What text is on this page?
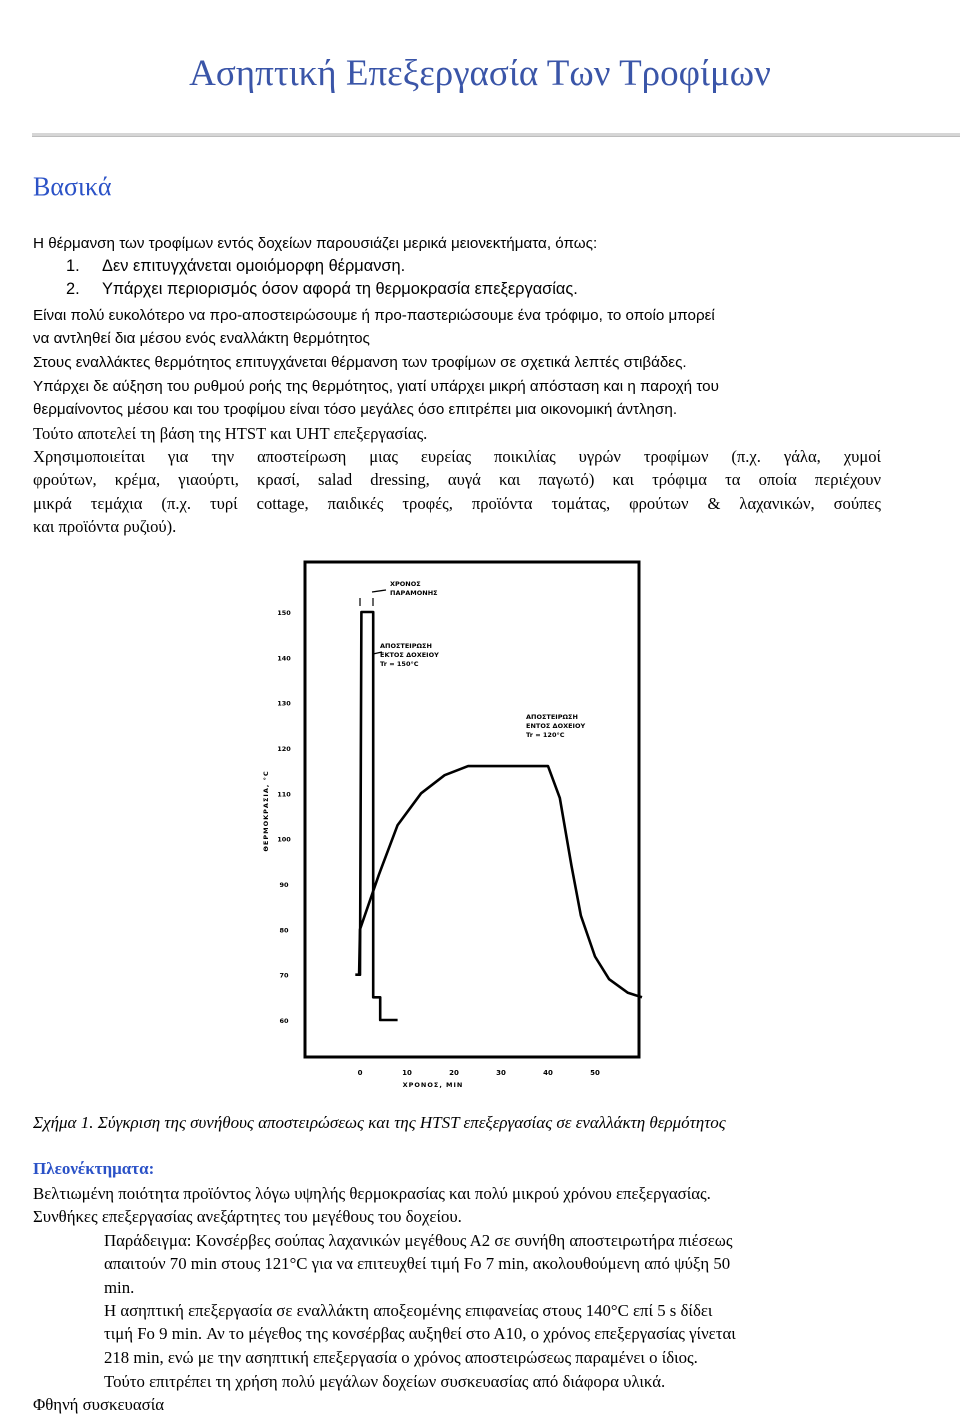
Ασηπτική Επεξεργασία Των Τροφίμων
Βασικά
Η θέρμανση των τροφίμων εντός δοχείων παρουσιάζει μερικά μειονεκτήματα, όπως:
1. Δεν επιτυγχάνεται ομοιόμορφη θέρμανση.
2. Υπάρχει περιορισμός όσον αφορά τη θερμοκρασία επεξεργασίας.
Είναι πολύ ευκολότερο να προ-αποστειρώσουμε ή προ-παστεριώσουμε ένα τρόφιμο, το οποίο μπορεί
να αντληθεί δια μέσου ενός εναλλάκτη θερμότητος
Στους εναλλάκτες θερμότητος επιτυγχάνεται θέρμανση των τροφίμων σε σχετικά λεπτές στιβάδες.
Υπάρχει δε αύξηση του ρυθμού ροής της θερμότητος, γιατί υπάρχει μικρή απόσταση και η παροχή του
θερμαίνοντος μέσου και του τροφίμου είναι τόσο μεγάλες όσο επιτρέπει μια οικονομική άντληση.
Τούτο αποτελεί τη βάση της HTST και UHT επεξεργασίας.
Χρησιμοποιείται για την αποστείρωση μιας ευρείας ποικιλίας υγρών τροφίμων (π.χ. γάλα, χυμοί
φρούτων, κρέμα, γιαούρτι, κρασί, salad dressing, αυγά και παγωτό) και τρόφιμα τα οποία περιέχουν
μικρά τεμάχια (π.χ. τυρί cottage, παιδικές τροφές, προϊόντα τομάτας, φρούτων & λαχανικών, σούπες
και προϊόντα ρυζιού).
150
140
130
120
110
100
90
80
70
60
0	10	20	30	40	50
ΘΕΡΜΟΚΡΑΣΙΑ, °C
ΧΡΟΝΟΣ, MIN
ΧΡΟΝΟΣ
ΠΑΡΑΜΟΝΗΣ
ΑΠΟΣΤΕΙΡΩΣΗ
ΕΚΤΟΣ ΔΟΧΕΙΟΥ
Tr = 150°C
ΑΠΟΣΤΕΙΡΩΣΗ
ΕΝΤΟΣ ΔΟΧΕΙΟΥ
Tr = 120°C
Σχήμα 1. Σύγκριση της συνήθους αποστειρώσεως και της HTST επεξεργασίας σε εναλλάκτη θερμότητος
Πλεονέκτηματα:
Βελτιωμένη ποιότητα προϊόντος λόγω υψηλής θερμοκρασίας και πολύ μικρού χρόνου επεξεργασίας.
Συνθήκες επεξεργασίας ανεξάρτητες του μεγέθους του δοχείου.
Παράδειγμα: Κονσέρβες σούπας λαχανικών μεγέθους Α2 σε συνήθη αποστειρωτήρα πιέσεως
απαιτούν 70 min στους 121°C για να επιτευχθεί τιμή Fo 7 min, ακολουθούμενη από ψύξη 50
min.
Η ασηπτική επεξεργασία σε εναλλάκτη αποξεομένης επιφανείας στους 140°C επί 5 s δίδει
τιμή Fo 9 min. Αν το μέγεθος της κονσέρβας αυξηθεί στο Α10, ο χρόνος επεξεργασίας γίνεται
218 min, ενώ με την ασηπτική επεξεργασία ο χρόνος αποστειρώσεως παραμένει ο ίδιος.
Τούτο επιτρέπει τη χρήση πολύ μεγάλων δοχείων συσκευασίας από διάφορα υλικά.
Φθηνή συσκευασία
